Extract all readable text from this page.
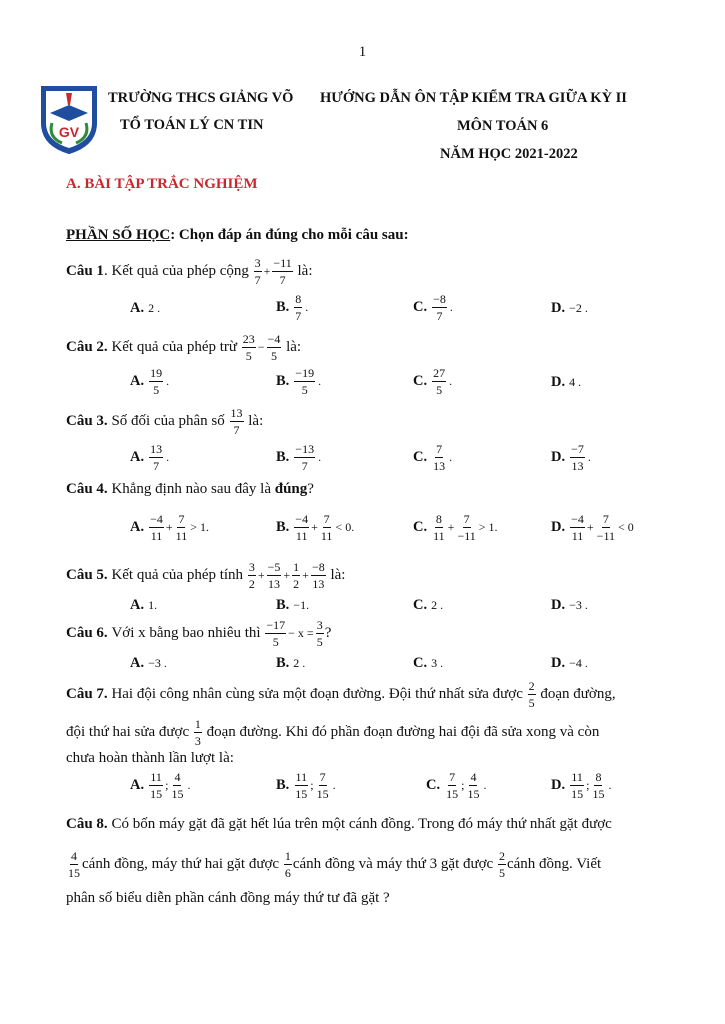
1
GV
TRƯỜNG THCS GIẢNG VÕ
TỔ TOÁN LÝ CN TIN
HƯỚNG DẪN ÔN TẬP KIỂM TRA GIỮA KỲ II
MÔN TOÁN 6
NĂM HỌC 2021-2022
A. BÀI TẬP TRẮC NGHIỆM
PHẦN SỐ HỌC : Chọn đáp án đúng cho mỗi câu sau:
Câu 1 . Kết quả của phép cộng
3
7
+ $\frac{-11}{7}$
là:
A. 2 .	B. 8
7
.	C. −8
7
.	D. −2 .
Câu 2.
Kết quả của phép trừ
23
5
− $\frac{-4}{5}$
là:
A. 19
5
.	B. −19
5
.	C. 27
5
.	D. 4 .
Câu 3.
Số đối của phân số
13
7

là:
A. 13
7
.	B. −13
7
.	C. 7
13
.	D. −7
13
.
Câu 4.
Khẳng định nào sau đây là
đúng ?
A. −4
11
+ $\frac{7}{11} > 1$.	B. −4
11
+ $\frac{7}{11} < 0$.	C. 8
11
+ $\frac{7}{-11} > 1$.	D. −4
11
+ $\frac{7}{-11} < 0$
Câu 5.
Kết quả của phép tính
3
2
+ $\frac{-5}{13} + \frac{1}{2} + \frac{-8}{13}$
là:
A. 1.	B. −1.	C. 2 .	D. −3 .
Câu 6.
Với x bằng bao nhiêu thì
−17
5
− $x = \frac{3}{5}$ ?
A. −3 .	B. 2 .	C. 3 .	D. −4 .
Câu 7.
Hai đội công nhân cùng sửa một đoạn đường. Đội thứ nhất sửa được
2
5

đoạn đường,
đội thứ hai sửa được
1
3

đoạn đường. Khi đó phần đoạn đường hai đội đã sửa xong và còn
chưa hoàn thành lần lượt là:
A. 11
15
;
4
15
.	B. 11
15
;
7
15
.	C. 7
15
;
4
15
.	D. 11
15
;
8
15
.
Câu 8.
Có bốn máy gặt đã gặt hết lúa trên một cánh đồng. Trong đó máy thứ nhất gặt được
4
15
cánh đồng, máy thứ hai gặt được
1
6
cánh đồng và máy thứ 3 gặt được
2
5
cánh đồng. Viết
phân số biểu diễn phần cánh đồng máy thứ tư đã gặt ?
